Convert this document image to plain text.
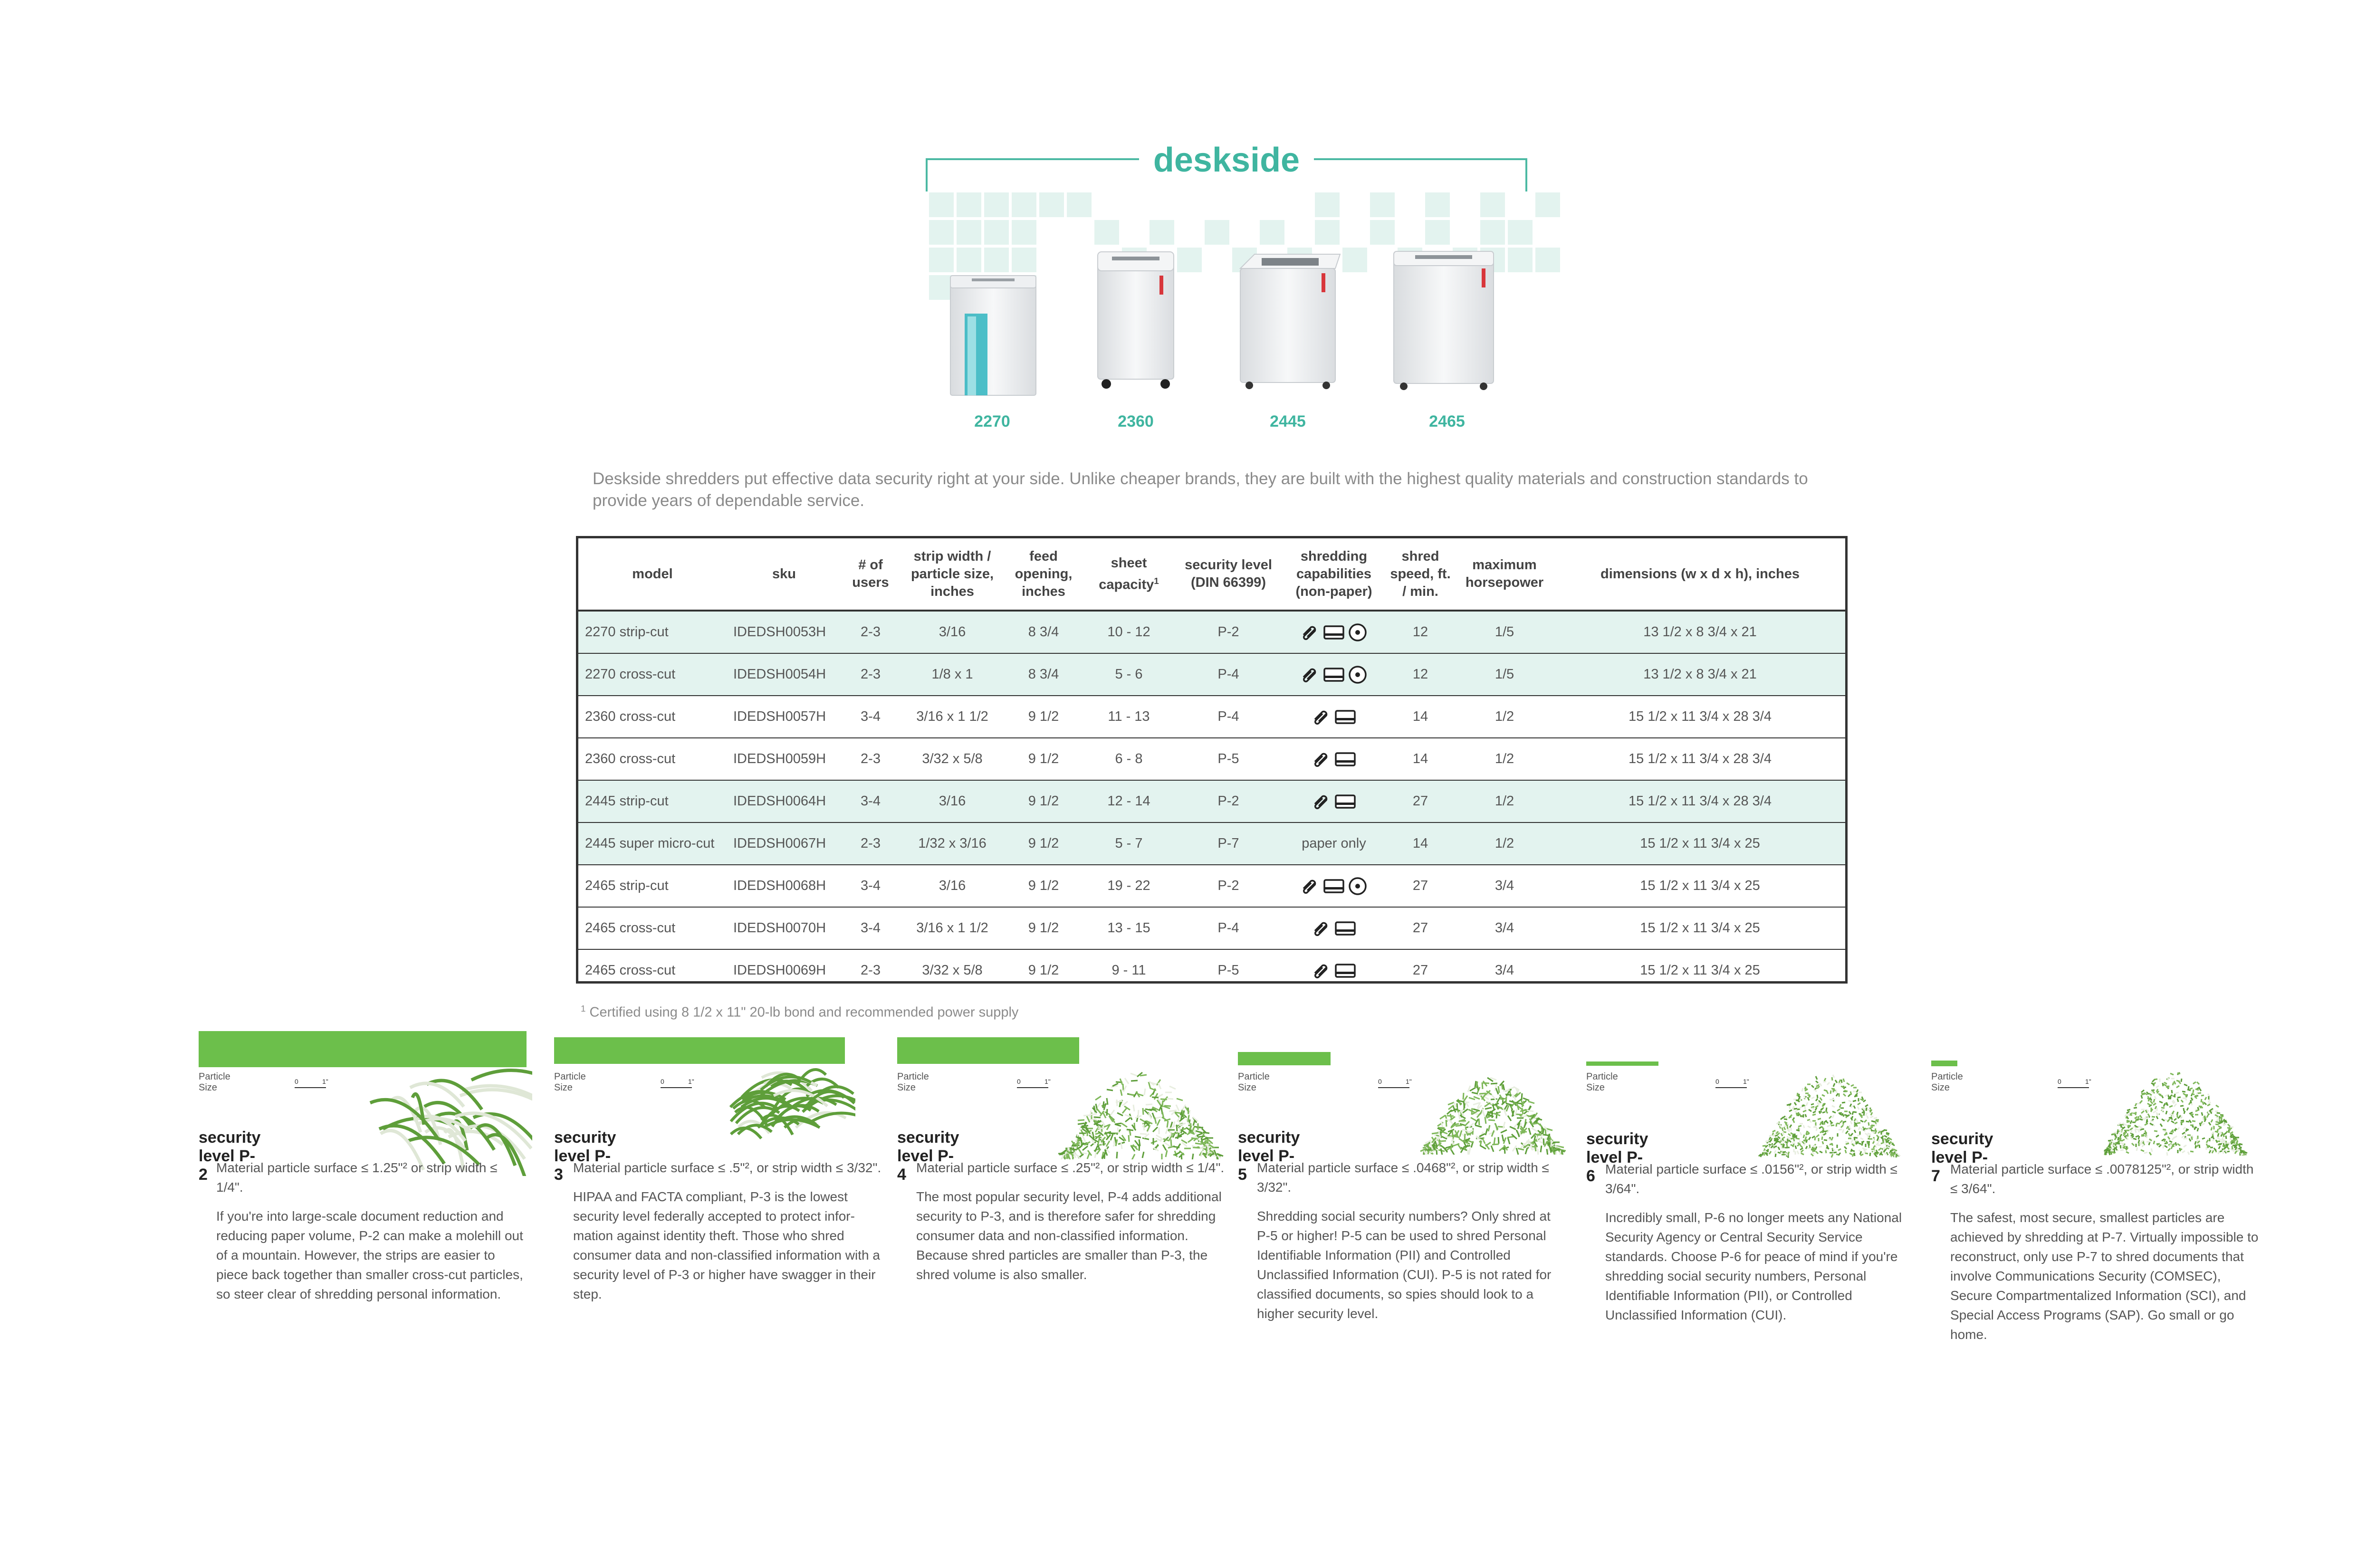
deskside
2270	2360	2445	2465
Deskside shredders put effective data security right at your side. Unlike cheaper brands, they are built with the highest quality materials and construction standards to provide years of dependable service.
model	sku	# of users	strip width / particle size, inches	feed opening, inches	sheet capacity$^1$	security level (DIN 66399)	shredding capabilities (non-paper)	shred speed, ft. / min.	maximum horsepower	dimensions (w x d x h), inches
2270 strip-cut	IDEDSH0053H	2-3	3/16	8 3/4	10 - 12	P-2		12	1/5	13 1/2 x 8 3/4 x 21
2270 cross-cut	IDEDSH0054H	2-3	1/8 x 1	8 3/4	5 - 6	P-4		12	1/5	13 1/2 x 8 3/4 x 21
2360 cross-cut	IDEDSH0057H	3-4	3/16 x 1 1/2	9 1/2	11 - 13	P-4		14	1/2	15 1/2 x 11 3/4 x 28 3/4
2360 cross-cut	IDEDSH0059H	2-3	3/32 x 5/8	9 1/2	6 - 8	P-5		14	1/2	15 1/2 x 11 3/4 x 28 3/4
2445 strip-cut	IDEDSH0064H	3-4	3/16	9 1/2	12 - 14	P-2		27	1/2	15 1/2 x 11 3/4 x 28 3/4
2445 super micro-cut	IDEDSH0067H	2-3	1/32 x 3/16	9 1/2	5 - 7	P-7	paper only	14	1/2	15 1/2 x 11 3/4 x 25
2465 strip-cut	IDEDSH0068H	3-4	3/16	9 1/2	19 - 22	P-2		27	3/4	15 1/2 x 11 3/4 x 25
2465 cross-cut	IDEDSH0070H	3-4	3/16 x 1 1/2	9 1/2	13 - 15	P-4		27	3/4	15 1/2 x 11 3/4 x 25
2465 cross-cut	IDEDSH0069H	2-3	3/32 x 5/8	9 1/2	9 - 11	P-5		27	3/4	15 1/2 x 11 3/4 x 25
$^1$ Certified using 8 1/2 x 11" 20-lb bond and recommended power supply
Particle Size
0	1"
security level P-2 Material particle surface ≤ 1.25"² or strip width ≤ 1/4".

If you're into large-scale document reduction and reducing paper volume, P-2 can make a molehill out of a mountain. However, the strips are easier to piece back together than smaller cross-cut particles, so steer clear of shredding personal information.

Particle Size
0	1"
security level P-3 Material particle surface ≤ .5"², or strip width ≤ 3/32".

HIPAA and FACTA compliant, P-3 is the lowest security level federally accepted to protect infor-mation against identity theft. Those who shred consumer data and non-classified information with a security level of P-3 or higher have swagger in their step.

Particle Size
0	1"
security level P-4 Material particle surface ≤ .25"², or strip width ≤ 1/4".

The most popular security level, P-4 adds additional security to P-3, and is therefore safer for shredding consumer data and non-classified information. Because shred particles are smaller than P-3, the shred volume is also smaller.

Particle Size
0	1"
security level P-5 Material particle surface ≤ .0468"², or strip width ≤ 3/32".

Shredding social security numbers? Only shred at P-5 or higher! P-5 can be used to shred Personal Identifiable Information (PII) and Controlled Unclassified Information (CUI). P-5 is not rated for classified documents, so spies should look to a higher security level.

Particle Size
0	1"
security level P-6 Material particle surface ≤ .0156"², or strip width ≤ 3/64".

Incredibly small, P-6 no longer meets any National Security Agency or Central Security Service standards. Choose P-6 for peace of mind if you're shredding social security numbers, Personal Identifiable Information (PII), or Controlled Unclassified Information (CUI).

Particle Size
0	1"
security level P-7 Material particle surface ≤ .0078125"², or strip width ≤ 3/64".

The safest, most secure, smallest particles are achieved by shredding at P-7. Virtually impossible to reconstruct, only use P-7 to shred documents that involve Communications Security (COMSEC), Secure Compartmentalized Information (SCI), and Special Access Programs (SAP). Go small or go home.
